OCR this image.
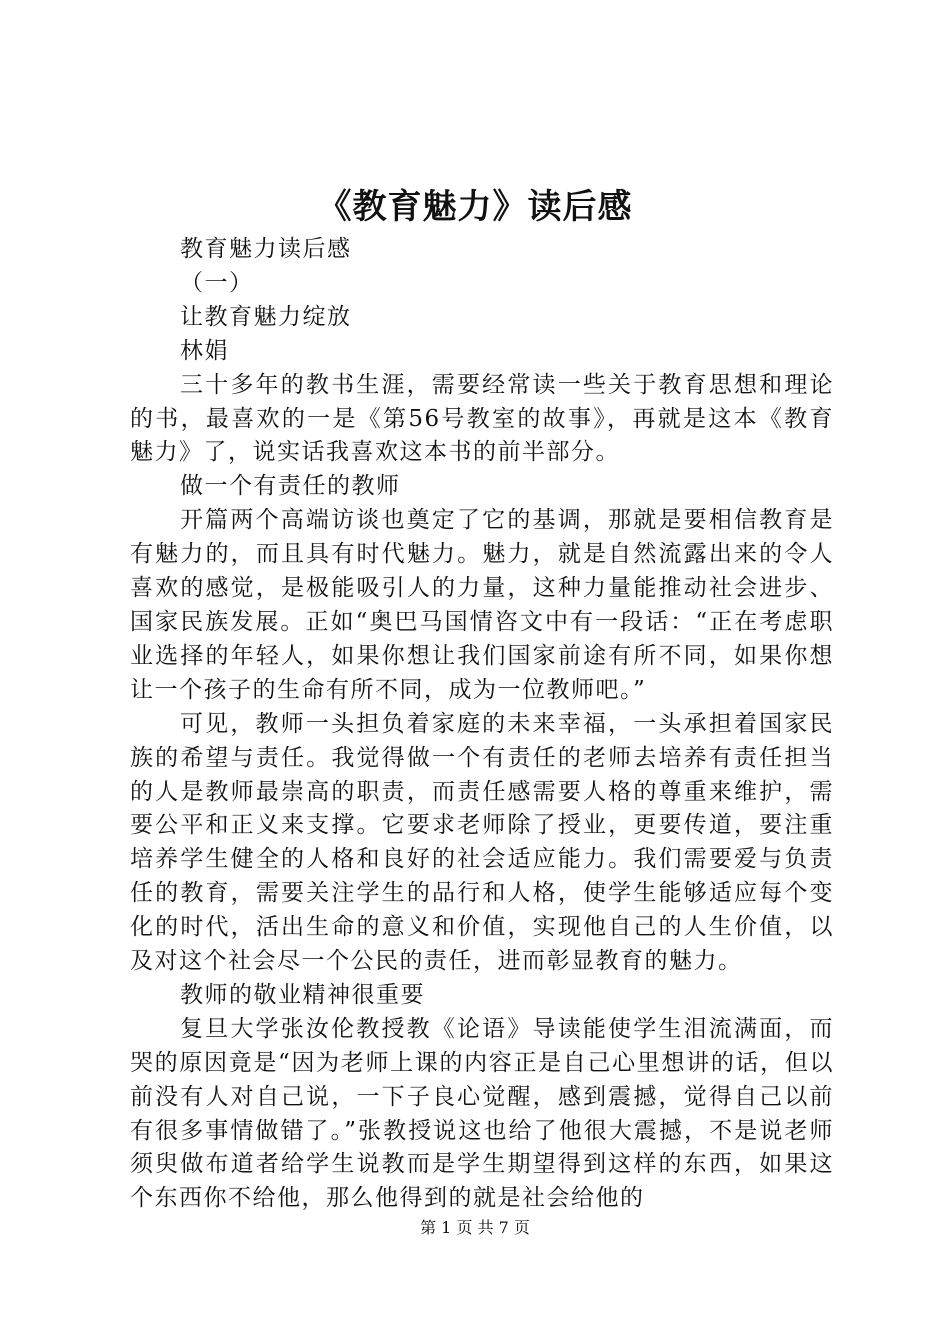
《教育魅力》读后感

教育魅力读后感

（一）

让教育魅力绽放

林娟

三十多年的教书生涯，需要经常读一些关于教育思想和理论的书，最喜欢的一是《第56号教室的故事》，再就是这本《教育魅力》了，说实话我喜欢这本书的前半部分。

做一个有责任的教师

开篇两个高端访谈也奠定了它的基调，那就是要相信教育是有魅力的，而且具有时代魅力。魅力，就是自然流露出来的令人喜欢的感觉，是极能吸引人的力量，这种力量能推动社会进步、国家民族发展。正如“奥巴马国情咨文中有一段话：“正在考虑职业选择的年轻人，如果你想让我们国家前途有所不同，如果你想让一个孩子的生命有所不同，成为一位教师吧。”

可见，教师一头担负着家庭的未来幸福，一头承担着国家民族的希望与责任。我觉得做一个有责任的老师去培养有责任担当的人是教师最崇高的职责，而责任感需要人格的尊重来维护，需要公平和正义来支撑。它要求老师除了授业，更要传道，要注重培养学生健全的人格和良好的社会适应能力。我们需要爱与负责任的教育，需要关注学生的品行和人格，使学生能够适应每个变化的时代，活出生命的意义和价值，实现他自己的人生价值，以及对这个社会尽一个公民的责任，进而彰显教育的魅力。

教师的敬业精神很重要

复旦大学张汝伦教授教《论语》导读能使学生泪流满面，而哭的原因竟是“因为老师上课的内容正是自己心里想讲的话，但以前没有人对自己说，一下子良心觉醒，感到震撼，觉得自己以前有很多事情做错了。”张教授说这也给了他很大震撼，不是说老师须臾做布道者给学生说教而是学生期望得到这样的东西，如果这个东西你不给他，那么他得到的就是社会给他的

第 1 页 共 7 页
